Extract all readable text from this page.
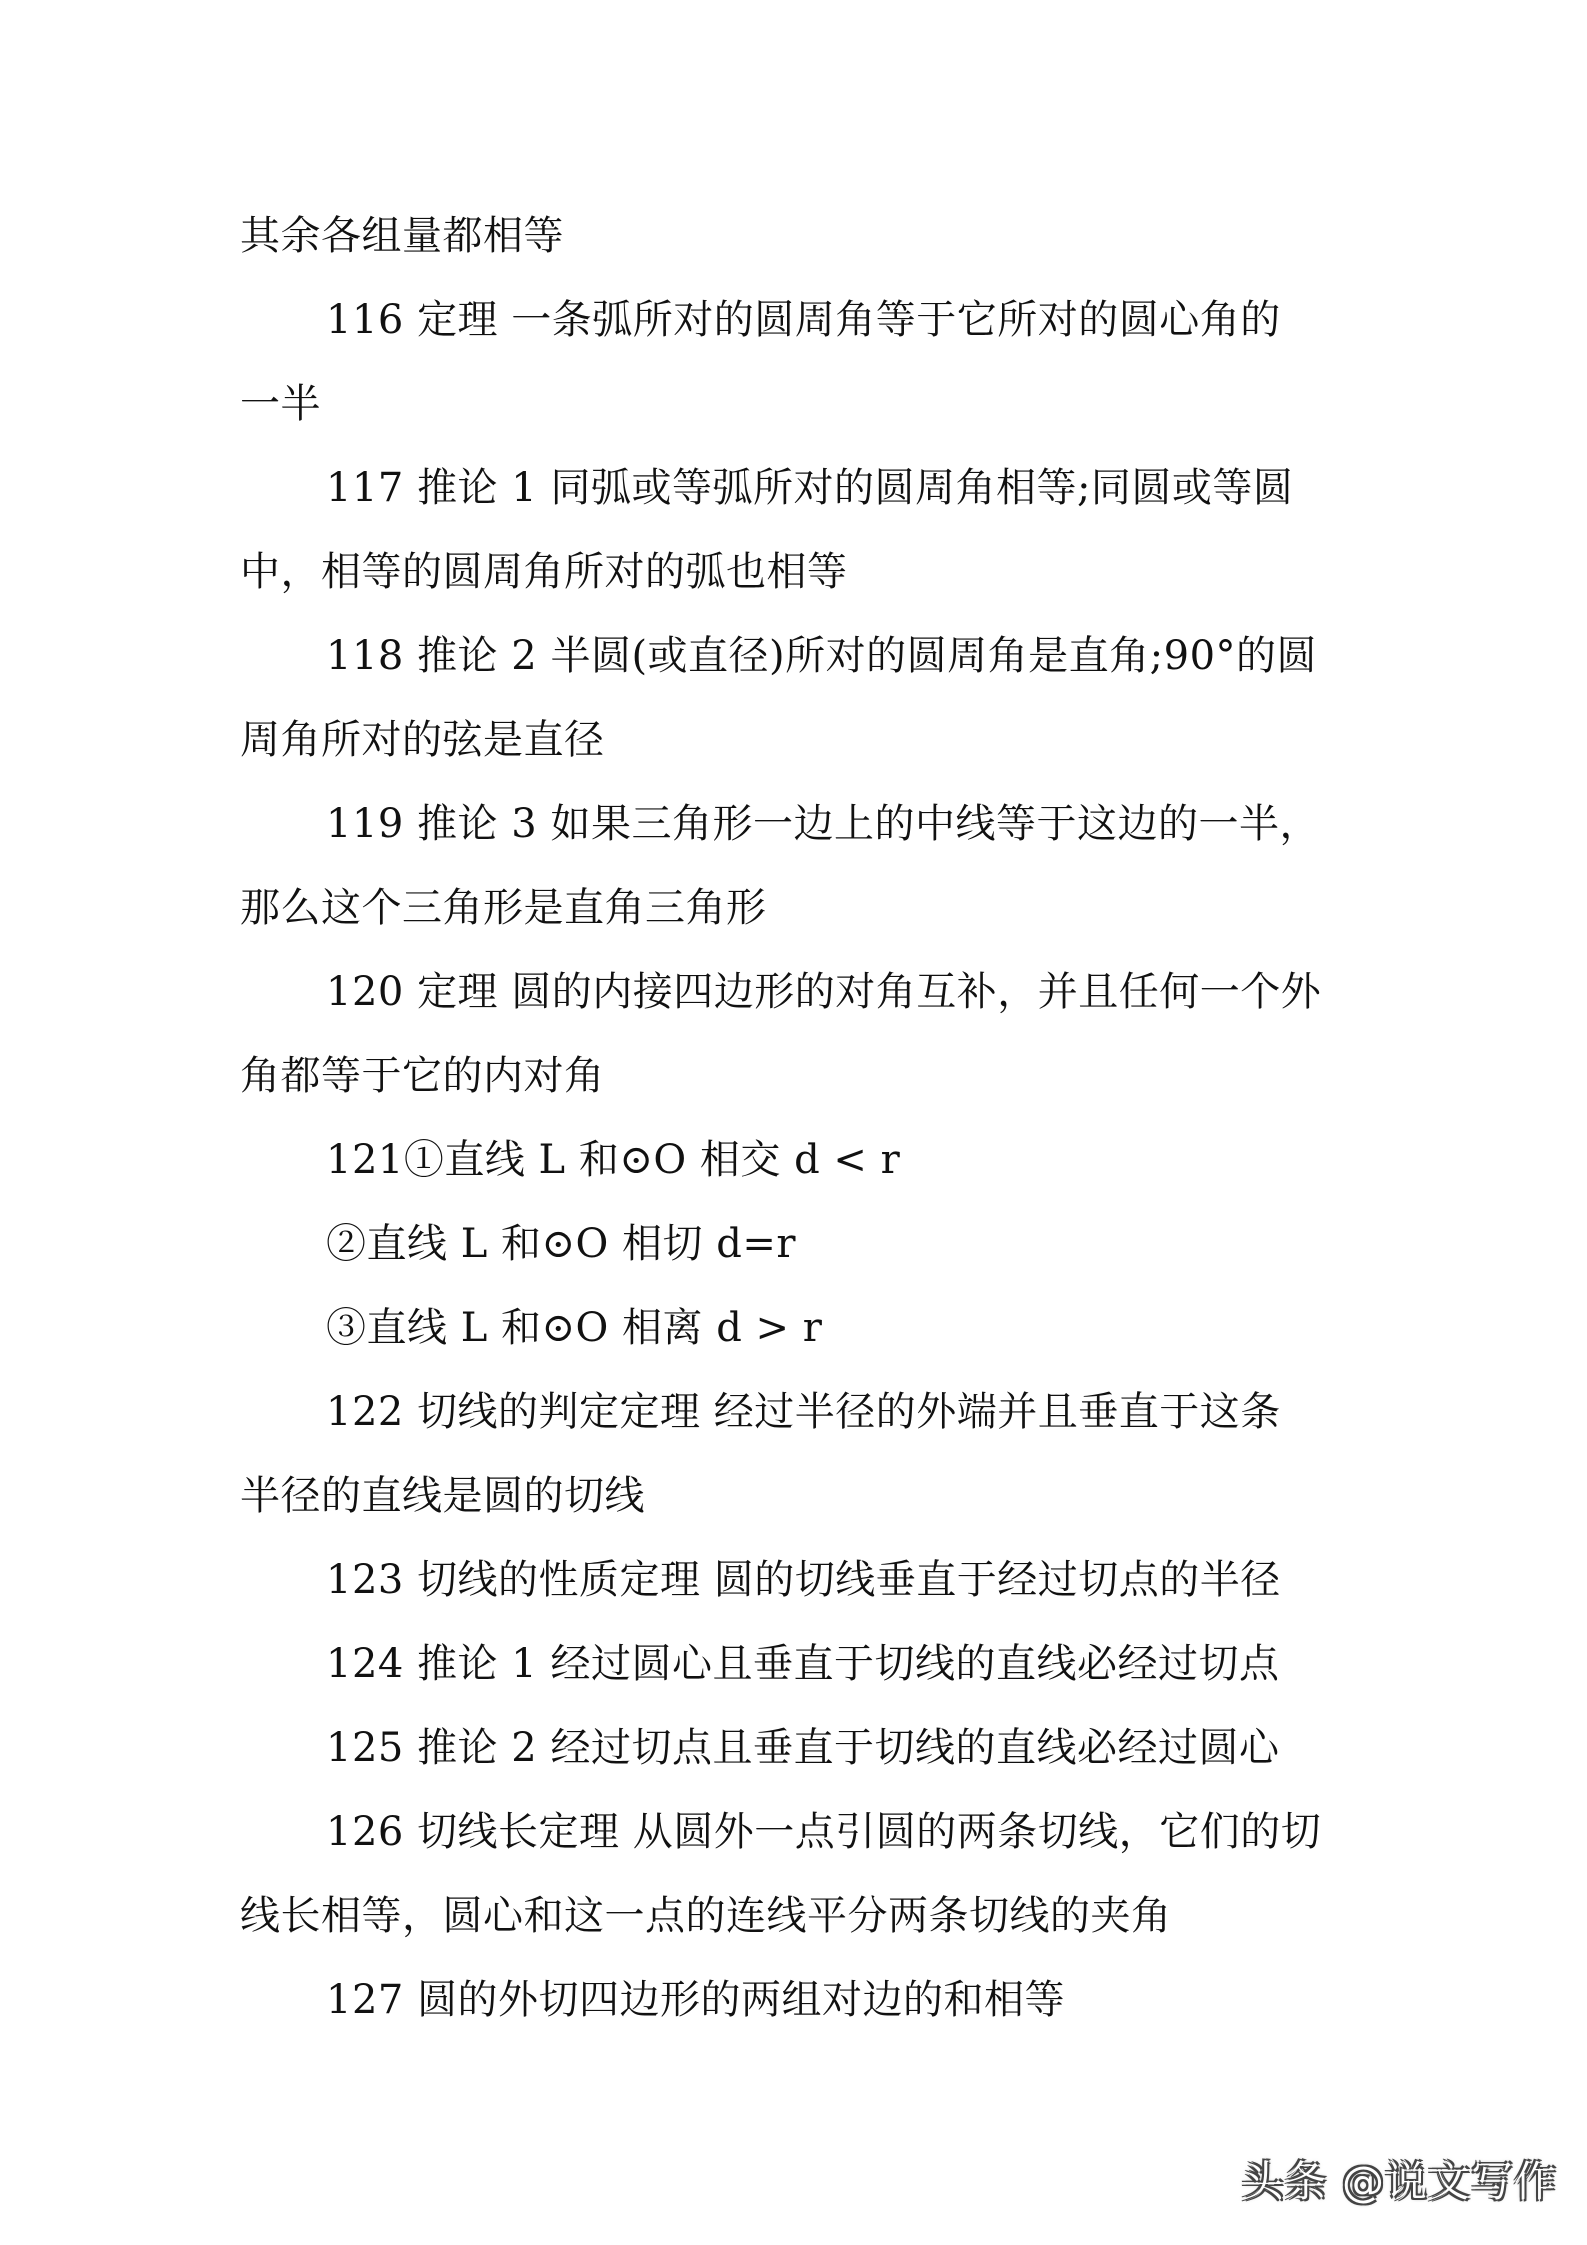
其余各组量都相等
116 定理 一条弧所对的圆周角等于它所对的圆心角的
一半
117 推论 1 同弧或等弧所对的圆周角相等;同圆或等圆
中，相等的圆周角所对的弧也相等
118 推论 2 半圆(或直径)所对的圆周角是直角;90°的圆
周角所对的弦是直径
119 推论 3 如果三角形一边上的中线等于这边的一半，
那么这个三角形是直角三角形
120 定理 圆的内接四边形的对角互补，并且任何一个外
角都等于它的内对角
121①直线 L 和⊙O 相交 d < r
②直线 L 和⊙O 相切 d=r
③直线 L 和⊙O 相离 d > r
122 切线的判定定理 经过半径的外端并且垂直于这条
半径的直线是圆的切线
123 切线的性质定理 圆的切线垂直于经过切点的半径
124 推论 1 经过圆心且垂直于切线的直线必经过切点
125 推论 2 经过切点且垂直于切线的直线必经过圆心
126 切线长定理 从圆外一点引圆的两条切线，它们的切
线长相等，圆心和这一点的连线平分两条切线的夹角
127 圆的外切四边形的两组对边的和相等
头条 @说文写作
